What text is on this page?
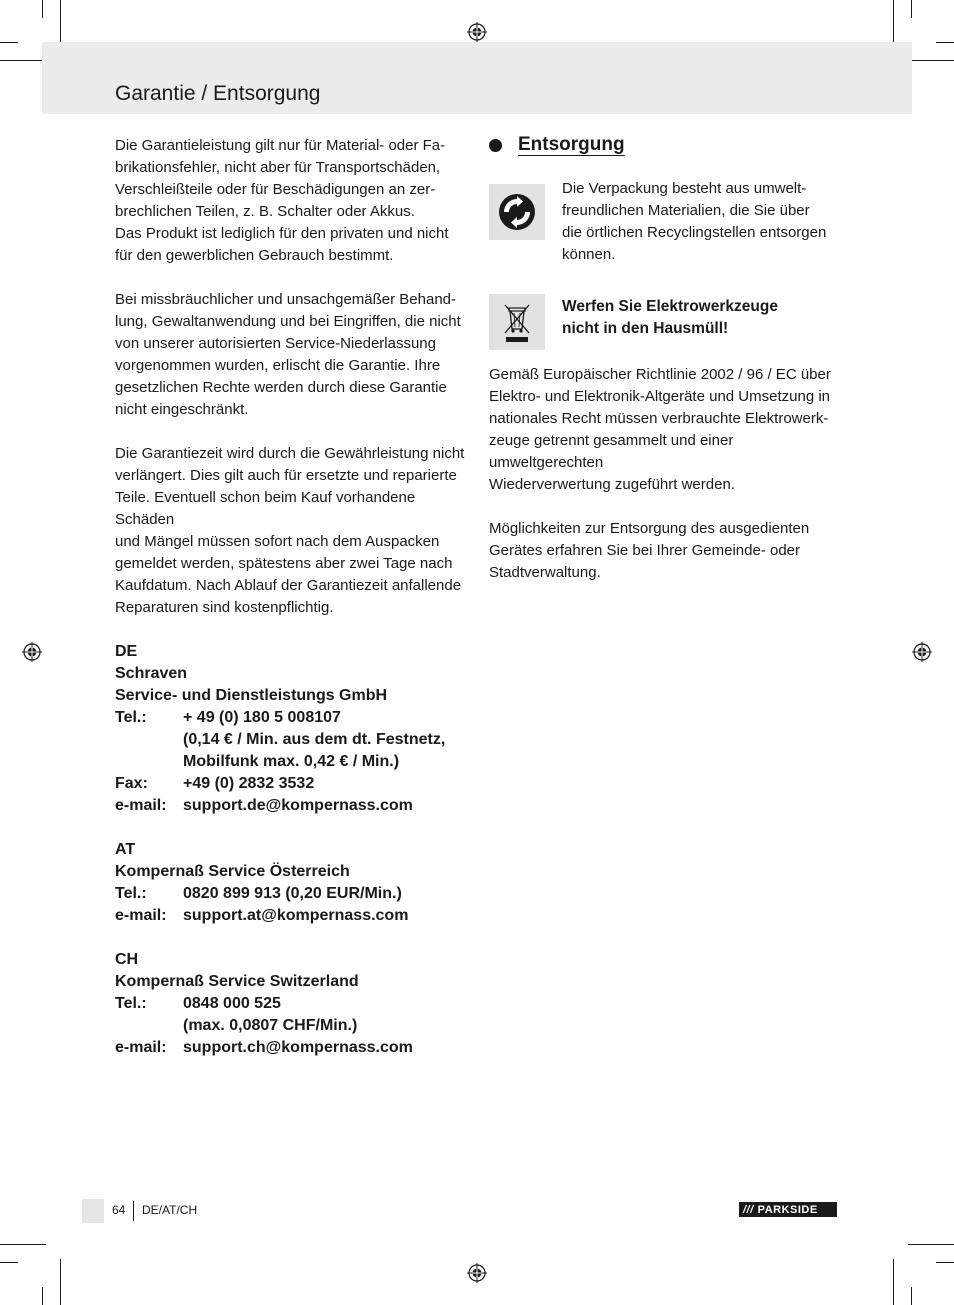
Garantie / Entsorgung

Die Garantieleistung gilt nur für Material- oder Fa-
brikationsfehler, nicht aber für Transportschäden,
Verschleißteile oder für Beschädigungen an zer-
brechlichen Teilen, z. B. Schalter oder Akkus.
Das Produkt ist lediglich für den privaten und nicht
für den gewerblichen Gebrauch bestimmt.

Bei missbräuchlicher und unsachgemäßer Behand-
lung, Gewaltanwendung und bei Eingriffen, die nicht
von unserer autorisierten Service-Niederlassung
vorgenommen wurden, erlischt die Garantie. Ihre
gesetzlichen Rechte werden durch diese Garantie
nicht eingeschränkt.

Die Garantiezeit wird durch die Gewährleistung nicht
verlängert. Dies gilt auch für ersetzte und reparierte
Teile. Eventuell schon beim Kauf vorhandene Schäden
und Mängel müssen sofort nach dem Auspacken
gemeldet werden, spätestens aber zwei Tage nach
Kaufdatum. Nach Ablauf der Garantiezeit anfallende
Reparaturen sind kostenpflichtig.

DE
Schraven
Service- und Dienstleistungs GmbH
Tel.:	+ 49 (0) 180 5 008107
(0,14 € / Min. aus dem dt. Festnetz,
Mobilfunk max. 0,42 € / Min.)
Fax:	+49 (0) 2832 3532
e-mail:	support.de@kompernass.com
AT
Kompernaß Service Österreich
Tel.:	0820 899 913 (0,20 EUR/Min.)
e-mail:	support.at@kompernass.com
CH
Kompernaß Service Switzerland
Tel.:	0848 000 525
(max. 0,0807 CHF/Min.)
e-mail:	support.ch@kompernass.com
Entsorgung
Die Verpackung besteht aus umwelt-
freundlichen Materialien, die Sie über
die örtlichen Recyclingstellen entsorgen
können.
Werfen Sie Elektrowerkzeuge
nicht in den Hausmüll!

Gemäß Europäischer Richtlinie 2002 / 96 / EC über
Elektro- und Elektronik-Altgeräte und Umsetzung in
nationales Recht müssen verbrauchte Elektrowerk-
zeuge getrennt gesammelt und einer umweltgerechten
Wiederverwertung zugeführt werden.

Möglichkeiten zur Entsorgung des ausgedienten
Gerätes erfahren Sie bei Ihrer Gemeinde- oder
Stadtverwaltung.

64 DE/AT/CH	/// PARKSIDE
